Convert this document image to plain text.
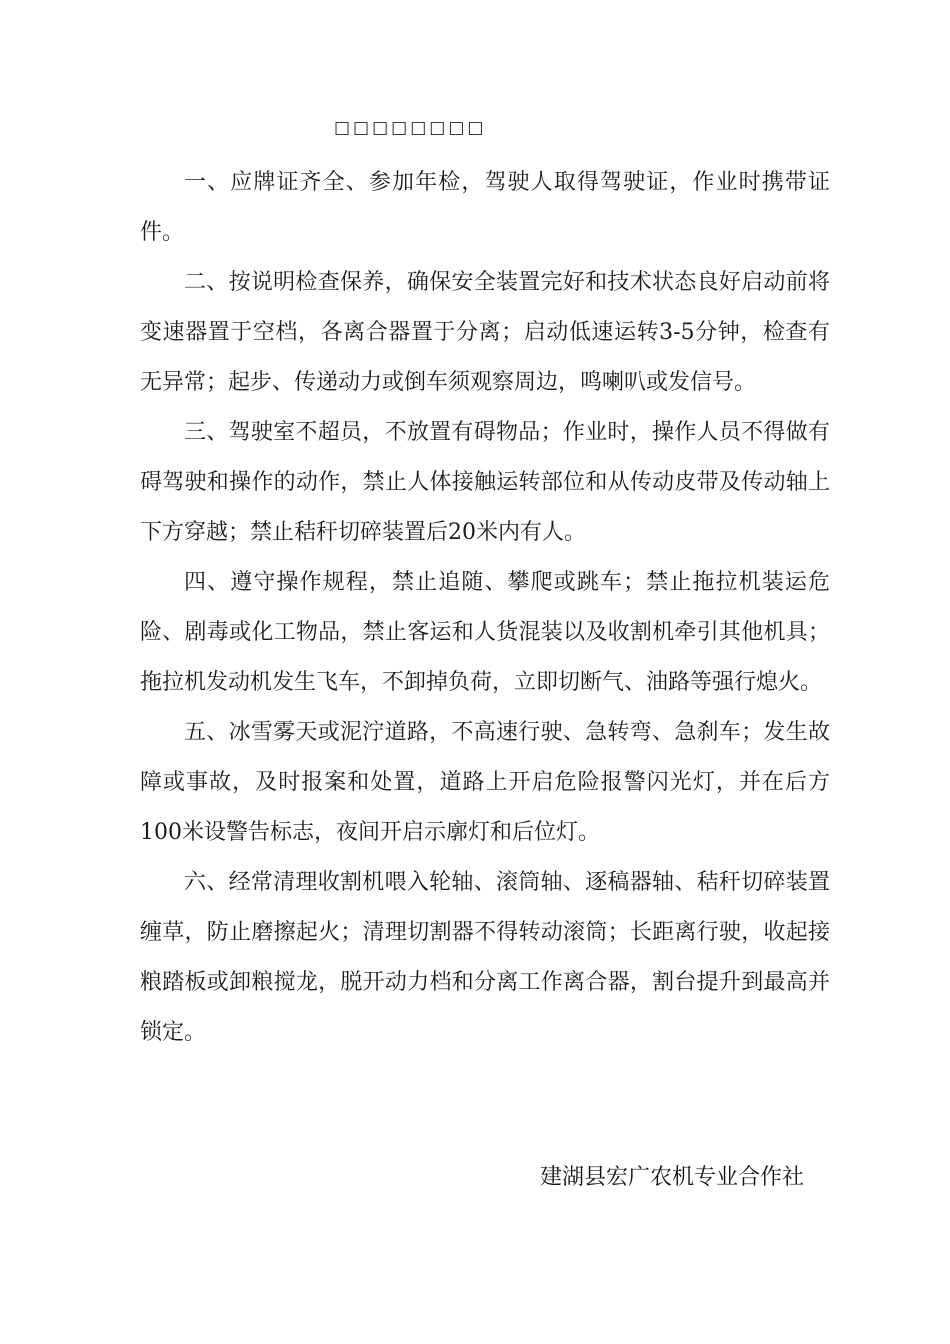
□□□□□□□□

一、应牌证齐全、参加年检，驾驶人取得驾驶证，作业时携带证件。

二、按说明检查保养，确保安全装置完好和技术状态良好启动前将变速器置于空档，各离合器置于分离；启动低速运转3-5分钟，检查有无异常；起步、传递动力或倒车须观察周边，鸣喇叭或发信号。

三、驾驶室不超员，不放置有碍物品；作业时，操作人员不得做有碍驾驶和操作的动作，禁止人体接触运转部位和从传动皮带及传动轴上下方穿越；禁止秸秆切碎装置后20米内有人。

四、遵守操作规程，禁止追随、攀爬或跳车；禁止拖拉机装运危险、剧毒或化工物品，禁止客运和人货混装以及收割机牵引其他机具；拖拉机发动机发生飞车，不卸掉负荷，立即切断气、油路等强行熄火。

五、冰雪雾天或泥泞道路，不高速行驶、急转弯、急刹车；发生故障或事故，及时报案和处置，道路上开启危险报警闪光灯，并在后方100米设警告标志，夜间开启示廓灯和后位灯。

六、经常清理收割机喂入轮轴、滚筒轴、逐稿器轴、秸秆切碎装置缠草，防止磨擦起火；清理切割器不得转动滚筒；长距离行驶，收起接粮踏板或卸粮搅龙，脱开动力档和分离工作离合器，割台提升到最高并锁定。

建湖县宏广农机专业合作社
